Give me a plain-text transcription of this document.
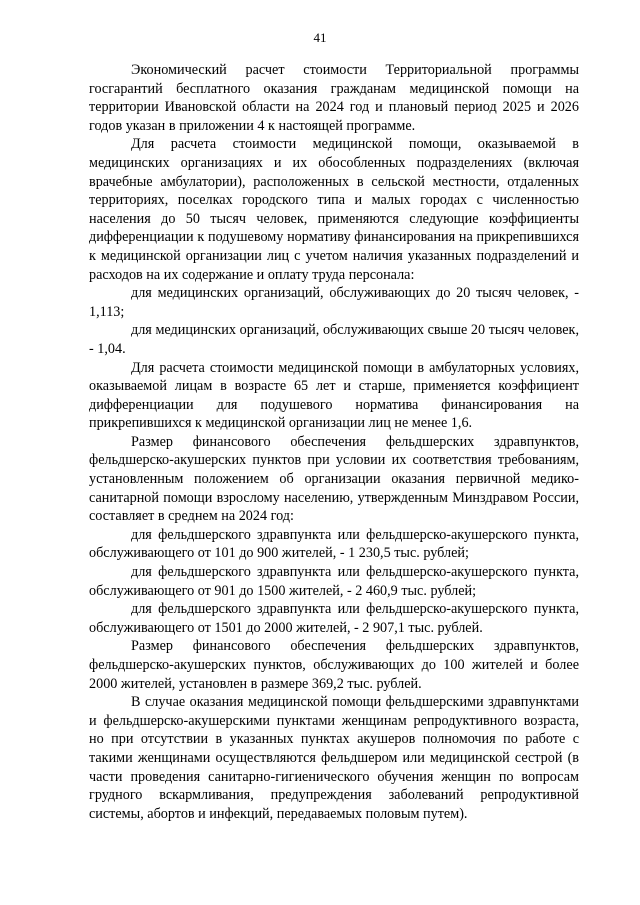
41

Экономический расчет стоимости Территориальной программы госгарантий бесплатного оказания гражданам медицинской помощи на территории Ивановской области на 2024 год и плановый период 2025 и 2026 годов указан в приложении 4 к настоящей программе.

Для расчета стоимости медицинской помощи, оказываемой в медицинских организациях и их обособленных подразделениях (включая врачебные амбулатории), расположенных в сельской местности, отдаленных территориях, поселках городского типа и малых городах с численностью населения до 50 тысяч человек, применяются следующие коэффициенты дифференциации к подушевому нормативу финансирования на прикрепившихся к медицинской организации лиц с учетом наличия указанных подразделений и расходов на их содержание и оплату труда персонала:

для медицинских организаций, обслуживающих до 20 тысяч человек, - 1,113;

для медицинских организаций, обслуживающих свыше 20 тысяч человек, - 1,04.

Для расчета стоимости медицинской помощи в амбулаторных условиях, оказываемой лицам в возрасте 65 лет и старше, применяется коэффициент дифференциации для подушевого норматива финансирования на прикрепившихся к медицинской организации лиц не менее 1,6.

Размер финансового обеспечения фельдшерских здравпунктов, фельдшерско-акушерских пунктов при условии их соответствия требованиям, установленным положением об организации оказания первичной медико-санитарной помощи взрослому населению, утвержденным Минздравом России, составляет в среднем на 2024 год:

для фельдшерского здравпункта или фельдшерско-акушерского пункта, обслуживающего от 101 до 900 жителей, - 1 230,5 тыс. рублей;

для фельдшерского здравпункта или фельдшерско-акушерского пункта, обслуживающего от 901 до 1500 жителей, - 2 460,9 тыс. рублей;

для фельдшерского здравпункта или фельдшерско-акушерского пункта, обслуживающего от 1501 до 2000 жителей, - 2 907,1 тыс. рублей.

Размер финансового обеспечения фельдшерских здравпунктов, фельдшерско-акушерских пунктов, обслуживающих до 100 жителей и более 2000 жителей, установлен в размере 369,2 тыс. рублей.

В случае оказания медицинской помощи фельдшерскими здравпунктами и фельдшерско-акушерскими пунктами женщинам репродуктивного возраста, но при отсутствии в указанных пунктах акушеров полномочия по работе с такими женщинами осуществляются фельдшером или медицинской сестрой (в части проведения санитарно-гигиенического обучения женщин по вопросам грудного вскармливания, предупреждения заболеваний репродуктивной системы, абортов и инфекций, передаваемых половым путем).
